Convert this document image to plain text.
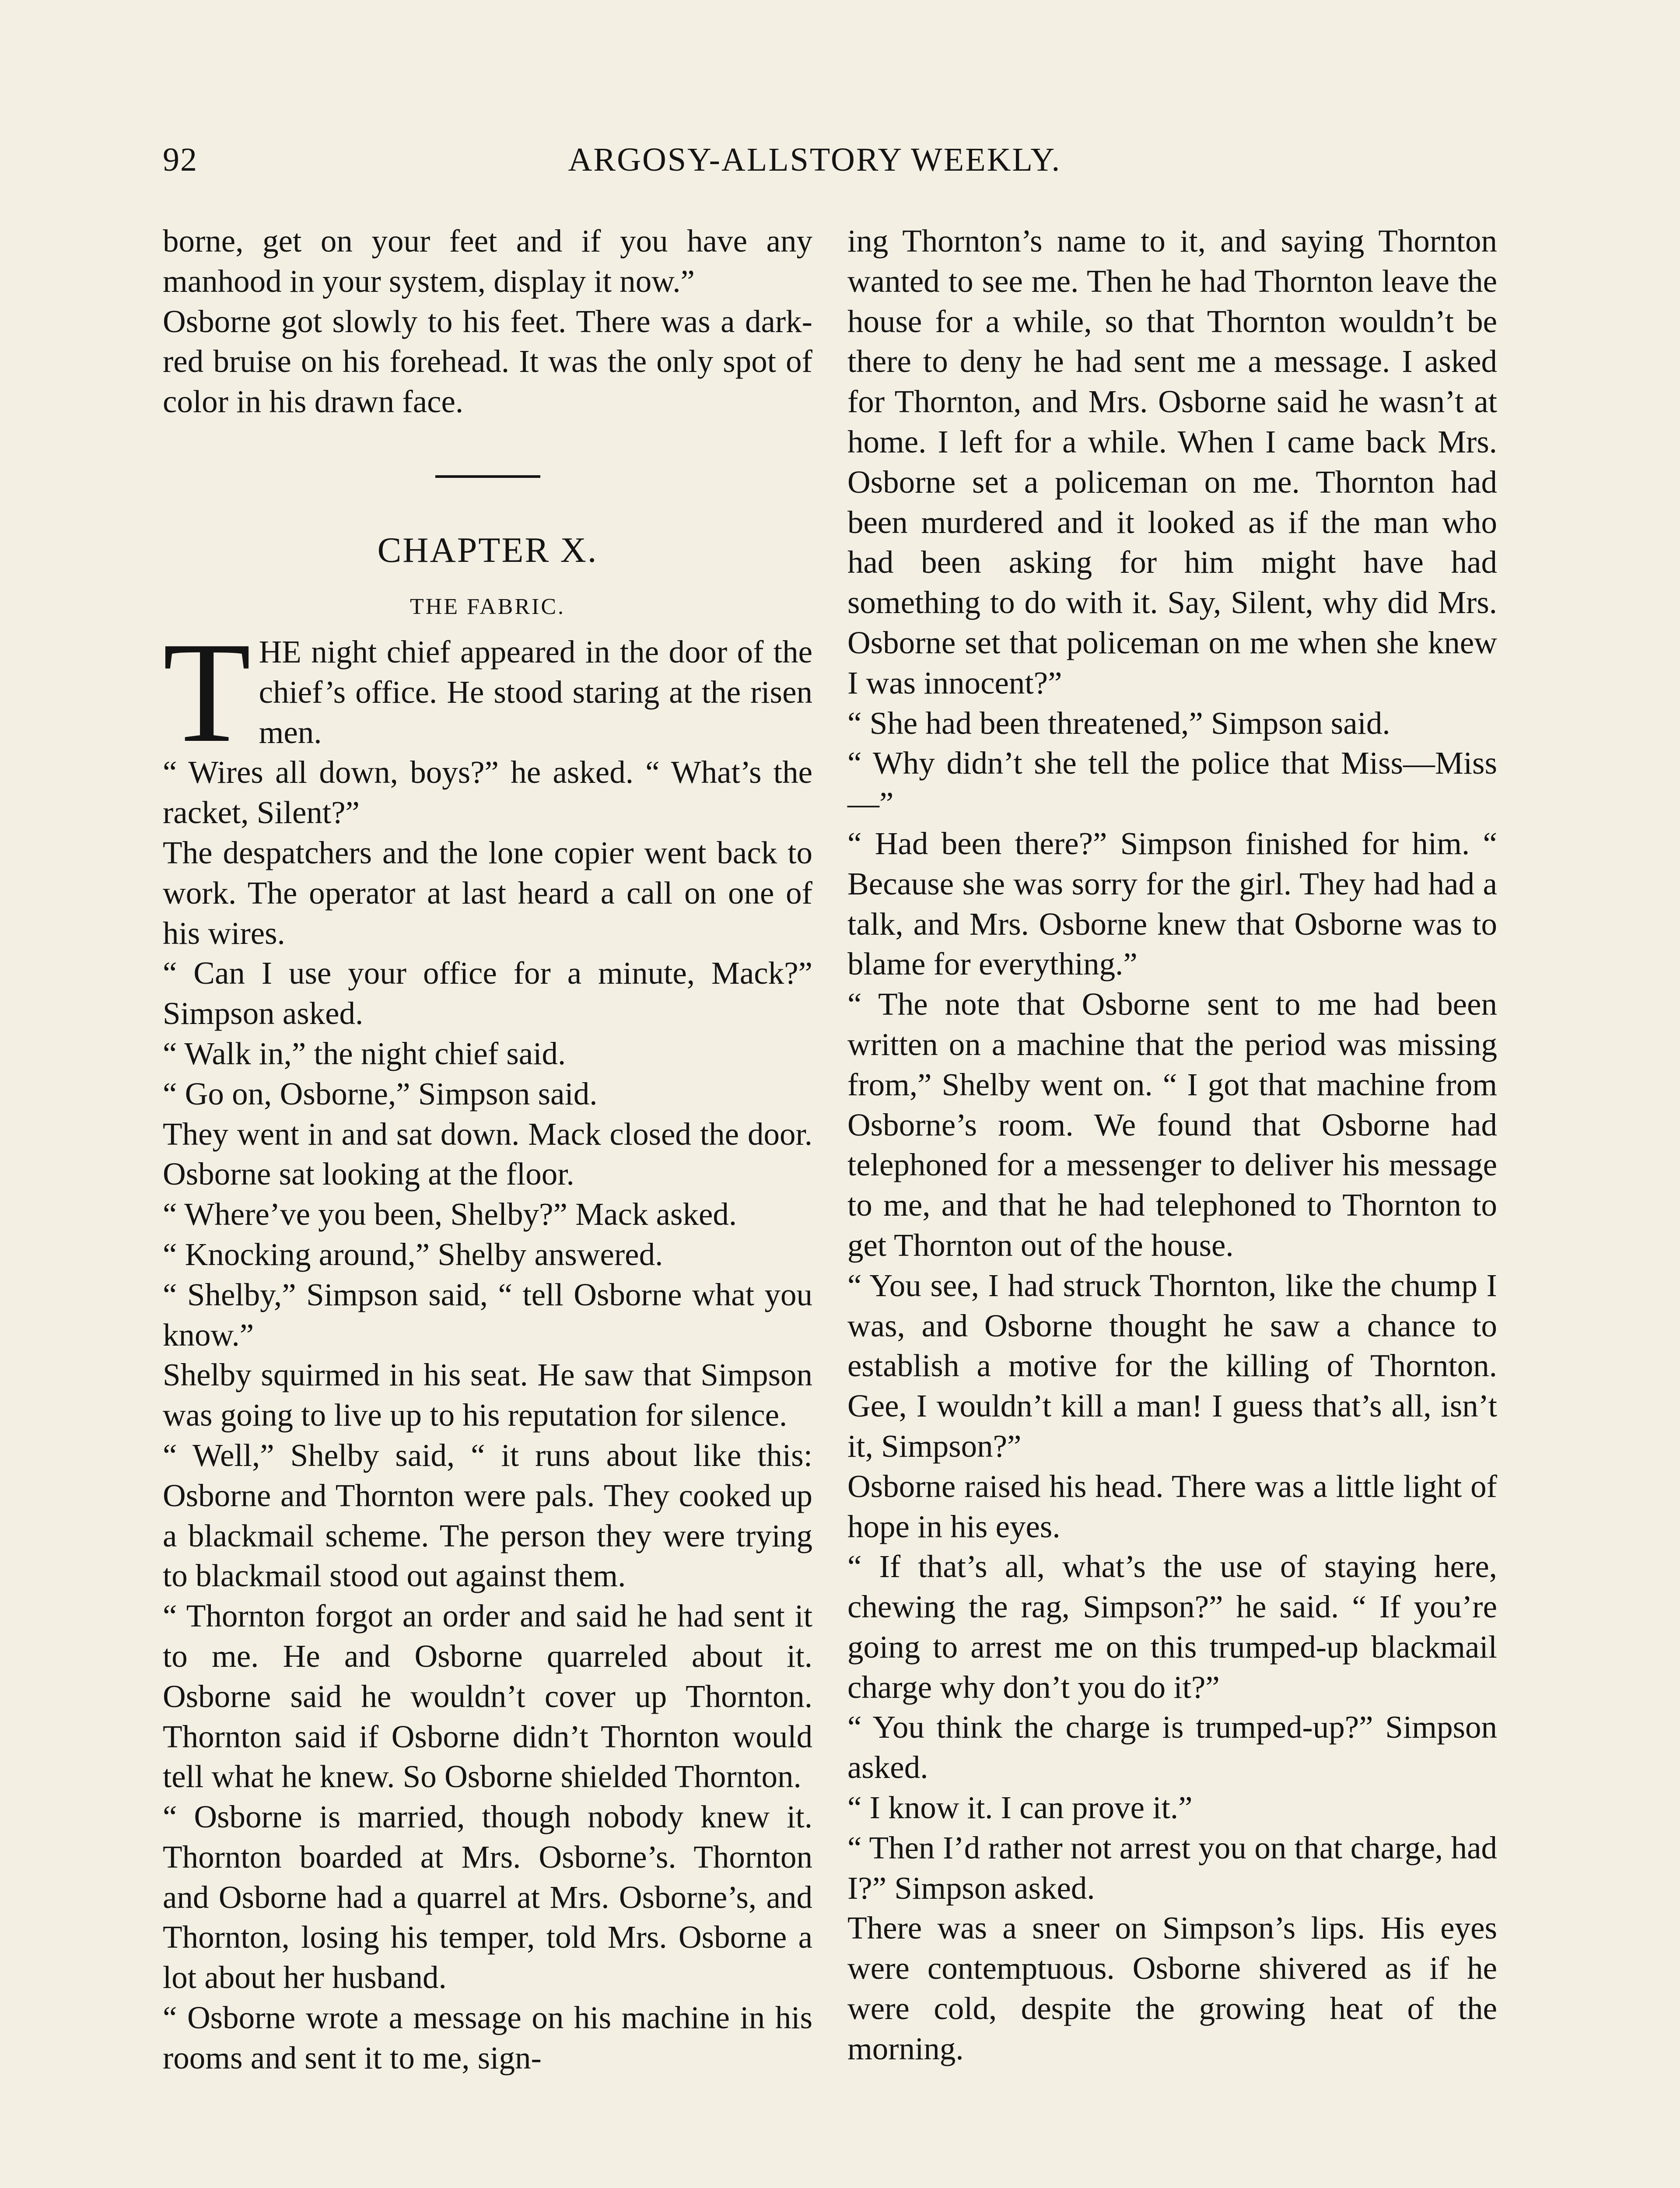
92	ARGOSY-ALLSTORY WEEKLY.

borne, get on your feet and if you have any manhood in your system, display it now.”

Osborne got slowly to his feet. There was a dark-red bruise on his forehead. It was the only spot of color in his drawn face.

CHAPTER X.
THE FABRIC.

THE night chief appeared in the door of the chief’s office. He stood staring at the risen men.

“ Wires all down, boys?” he asked. “ What’s the racket, Silent?”

The despatchers and the lone copier went back to work. The operator at last heard a call on one of his wires.

“ Can I use your office for a minute, Mack?” Simpson asked.

“ Walk in,” the night chief said.

“ Go on, Osborne,” Simpson said.

They went in and sat down. Mack closed the door. Osborne sat looking at the floor.

“ Where’ve you been, Shelby?” Mack asked.

“ Knocking around,” Shelby answered.

“ Shelby,” Simpson said, “ tell Osborne what you know.”

Shelby squirmed in his seat. He saw that Simpson was going to live up to his reputation for silence.

“ Well,” Shelby said, “ it runs about like this: Osborne and Thornton were pals. They cooked up a blackmail scheme. The person they were trying to blackmail stood out against them.

“ Thornton forgot an order and said he had sent it to me. He and Osborne quarreled about it. Osborne said he wouldn’t cover up Thornton. Thornton said if Osborne didn’t Thornton would tell what he knew. So Osborne shielded Thornton.

“ Osborne is married, though nobody knew it. Thornton boarded at Mrs. Osborne’s. Thornton and Osborne had a quarrel at Mrs. Osborne’s, and Thornton, losing his temper, told Mrs. Osborne a lot about her husband.

“ Osborne wrote a message on his machine in his rooms and sent it to me, sign-

ing Thornton’s name to it, and saying Thornton wanted to see me. Then he had Thornton leave the house for a while, so that Thornton wouldn’t be there to deny he had sent me a message. I asked for Thornton, and Mrs. Osborne said he wasn’t at home. I left for a while. When I came back Mrs. Osborne set a policeman on me. Thornton had been murdered and it looked as if the man who had been asking for him might have had something to do with it. Say, Silent, why did Mrs. Osborne set that policeman on me when she knew I was innocent?”

“ She had been threatened,” Simpson said.

“ Why didn’t she tell the police that Miss—Miss—”

“ Had been there?” Simpson finished for him. “ Because she was sorry for the girl. They had had a talk, and Mrs. Osborne knew that Osborne was to blame for everything.”

“ The note that Osborne sent to me had been written on a machine that the period was missing from,” Shelby went on. “ I got that machine from Osborne’s room. We found that Osborne had telephoned for a messenger to deliver his message to me, and that he had telephoned to Thornton to get Thornton out of the house.

“ You see, I had struck Thornton, like the chump I was, and Osborne thought he saw a chance to establish a motive for the killing of Thornton. Gee, I wouldn’t kill a man! I guess that’s all, isn’t it, Simpson?”

Osborne raised his head. There was a little light of hope in his eyes.

“ If that’s all, what’s the use of staying here, chewing the rag, Simpson?” he said. “ If you’re going to arrest me on this trumped-up blackmail charge why don’t you do it?”

“ You think the charge is trumped-up?” Simpson asked.

“ I know it. I can prove it.”

“ Then I’d rather not arrest you on that charge, had I?” Simpson asked.

There was a sneer on Simpson’s lips. His eyes were contemptuous. Osborne shivered as if he were cold, despite the growing heat of the morning.
